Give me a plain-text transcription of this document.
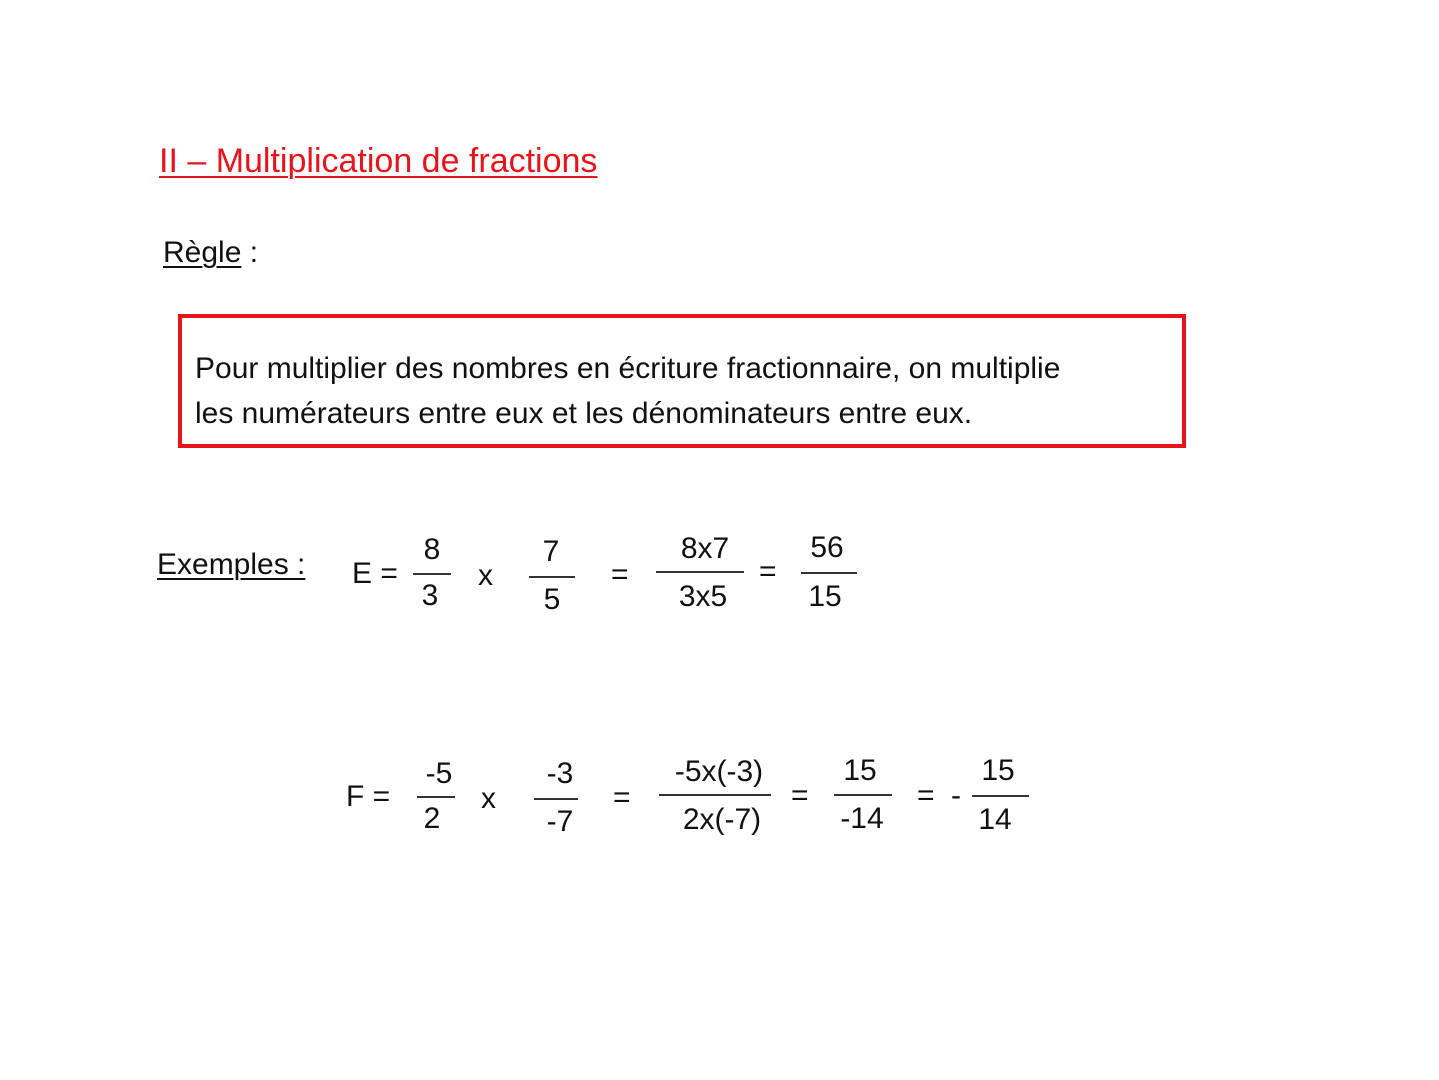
II – Multiplication de fractions
Règle :
Pour multiplier des nombres en écriture fractionnaire, on multiplie
les numérateurs entre eux et les dénominateurs entre eux.
Exemples : E =
8
3
x
7
5
=
8x7
3x5
=
56
15
F =
-5
2
x
-3
-7
=
-5x(-3)
2x(-7)
=
15
-14
= -
15
14
